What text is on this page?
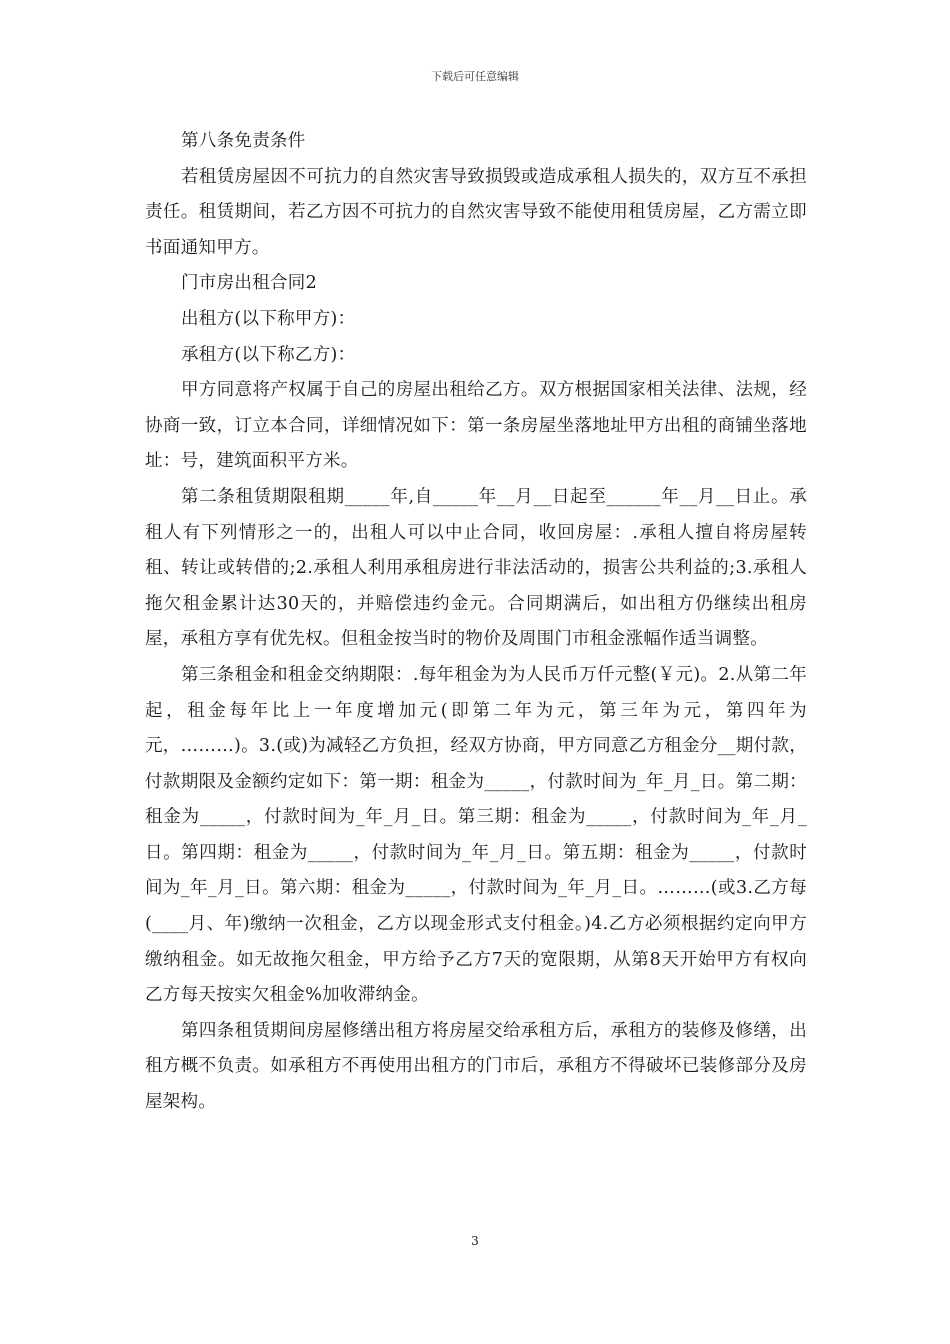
下载后可任意编辑

第八条免责条件

若租赁房屋因不可抗力的自然灾害导致损毁或造成承租人损失的，双方互不承担责任。租赁期间，若乙方因不可抗力的自然灾害导致不能使用租赁房屋，乙方需立即书面通知甲方。

门市房出租合同2

出租方(以下称甲方)：

承租方(以下称乙方)：

甲方同意将产权属于自己的房屋出租给乙方。双方根据国家相关法律、法规，经协商一致，订立本合同，详细情况如下：第一条房屋坐落地址甲方出租的商铺坐落地址：号，建筑面积平方米。

第二条租赁期限租期_____年,自_____年__月__日起至______年__月__日止。承租人有下列情形之一的，出租人可以中止合同，收回房屋：.承租人擅自将房屋转租、转让或转借的;2.承租人利用承租房进行非法活动的，损害公共利益的;3.承租人拖欠租金累计达30天的，并赔偿违约金元。合同期满后，如出租方仍继续出租房屋，承租方享有优先权。但租金按当时的物价及周围门市租金涨幅作适当调整。

第三条租金和租金交纳期限：.每年租金为为人民币万仟元整(￥元)。2.从第二年起，租金每年比上一年度增加元(即第二年为元，第三年为元，第四年为元，………)。3.(或)为减轻乙方负担，经双方协商，甲方同意乙方租金分__期付款，付款期限及金额约定如下：第一期：租金为_____，付款时间为_年_月_日。第二期：租金为_____，付款时间为_年_月_日。第三期：租金为_____，付款时间为_年_月_日。第四期：租金为_____，付款时间为_年_月_日。第五期：租金为_____，付款时间为_年_月_日。第六期：租金为_____，付款时间为_年_月_日。………(或3.乙方每(____月、年)缴纳一次租金，乙方以现金形式支付租金。)4.乙方必须根据约定向甲方缴纳租金。如无故拖欠租金，甲方给予乙方7天的宽限期，从第8天开始甲方有权向乙方每天按实欠租金%加收滞纳金。

第四条租赁期间房屋修缮出租方将房屋交给承租方后，承租方的装修及修缮，出租方概不负责。如承租方不再使用出租方的门市后，承租方不得破坏已装修部分及房屋架构。

3
